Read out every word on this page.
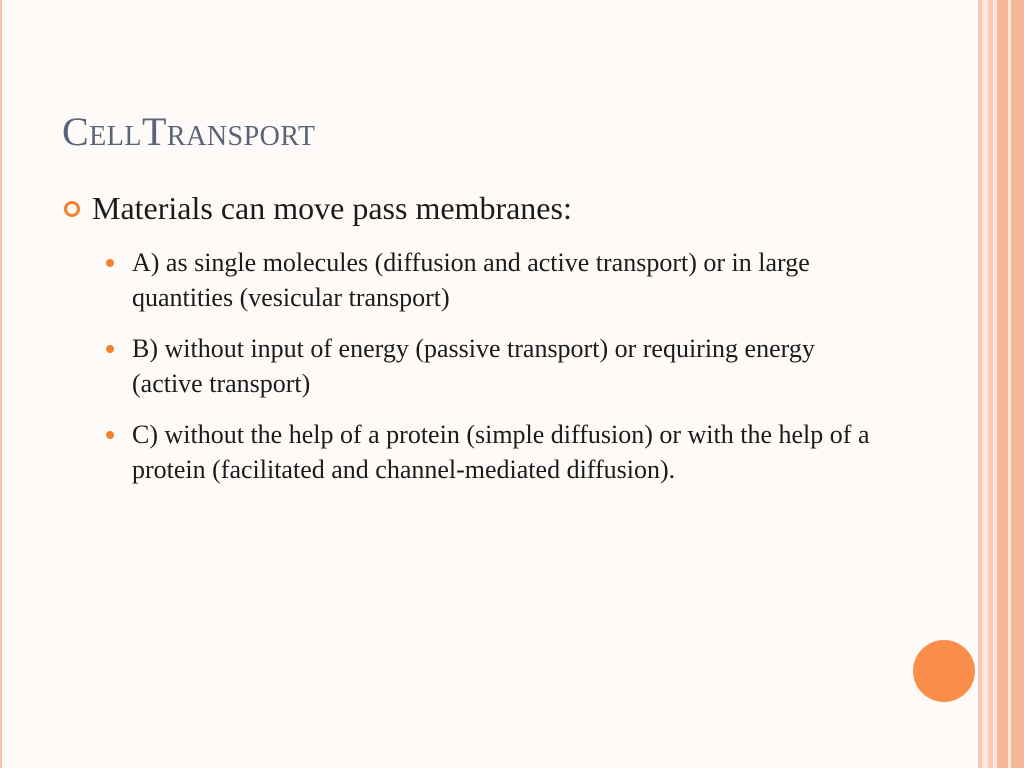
CellTransport
Materials can move pass membranes:
A) as single molecules (diffusion and active transport) or in large quantities (vesicular transport)
B) without input of energy (passive transport) or requiring energy (active transport)
C) without the help of a protein (simple diffusion) or with the help of a protein (facilitated and channel-mediated diffusion).
